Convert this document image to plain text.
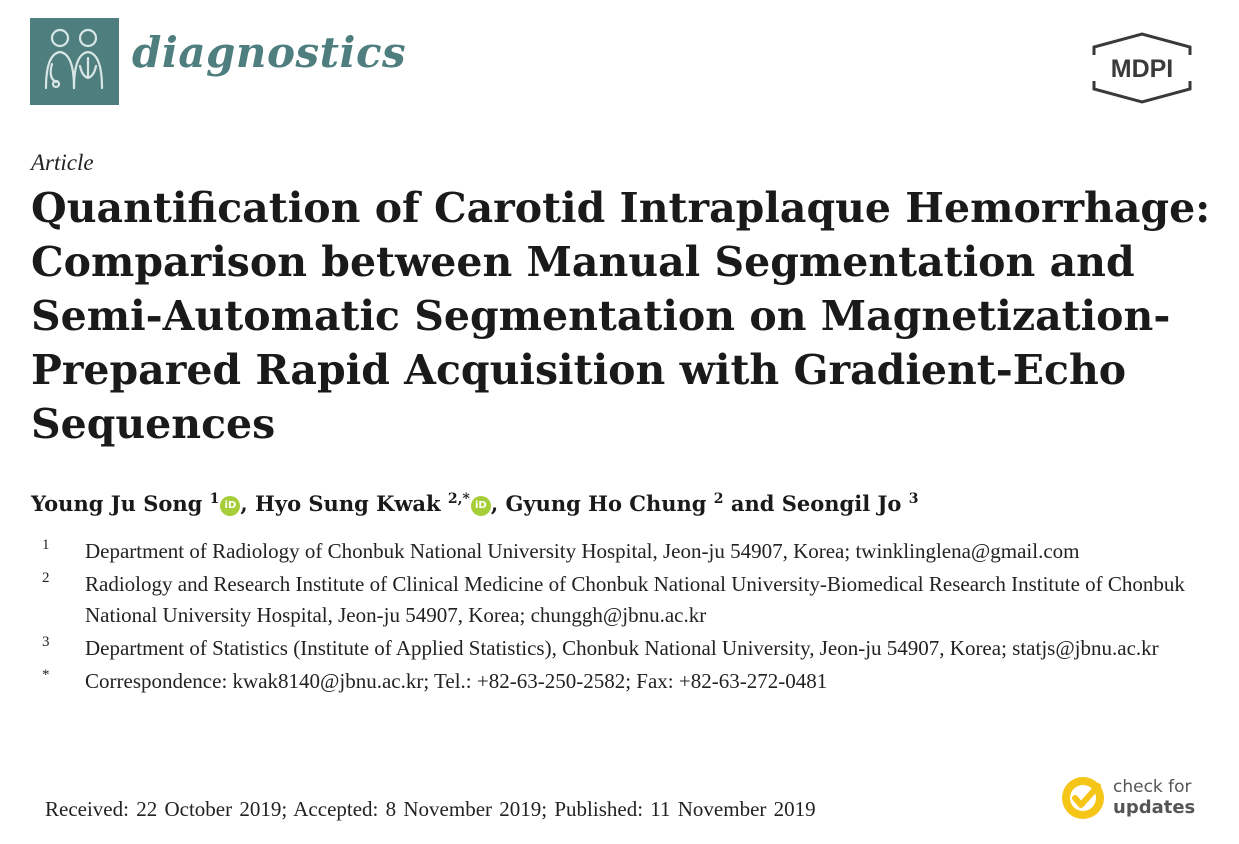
diagnostics	MDPI
Article
Quantification of Carotid Intraplaque Hemorrhage: Comparison between Manual Segmentation and Semi-Automatic Segmentation on Magnetization-Prepared Rapid Acquisition with Gradient-Echo Sequences
Young Ju Song $^1$ iD , Hyo Sung Kwak $^{2,*}$ iD , Gyung Ho Chung $^2$ and Seongil Jo $^3$
1 Department of Radiology of Chonbuk National University Hospital, Jeon-ju 54907, Korea; twinklinglena@gmail.com
2 Radiology and Research Institute of Clinical Medicine of Chonbuk National University-Biomedical Research Institute of Chonbuk National University Hospital, Jeon-ju 54907, Korea; chunggh@jbnu.ac.kr
3 Department of Statistics (Institute of Applied Statistics), Chonbuk National University, Jeon-ju 54907, Korea; statjs@jbnu.ac.kr
* Correspondence: kwak8140@jbnu.ac.kr; Tel.: +82-63-250-2582; Fax: +82-63-272-0481
Received: 22 October 2019; Accepted: 8 November 2019; Published: 11 November 2019
check for
updates
